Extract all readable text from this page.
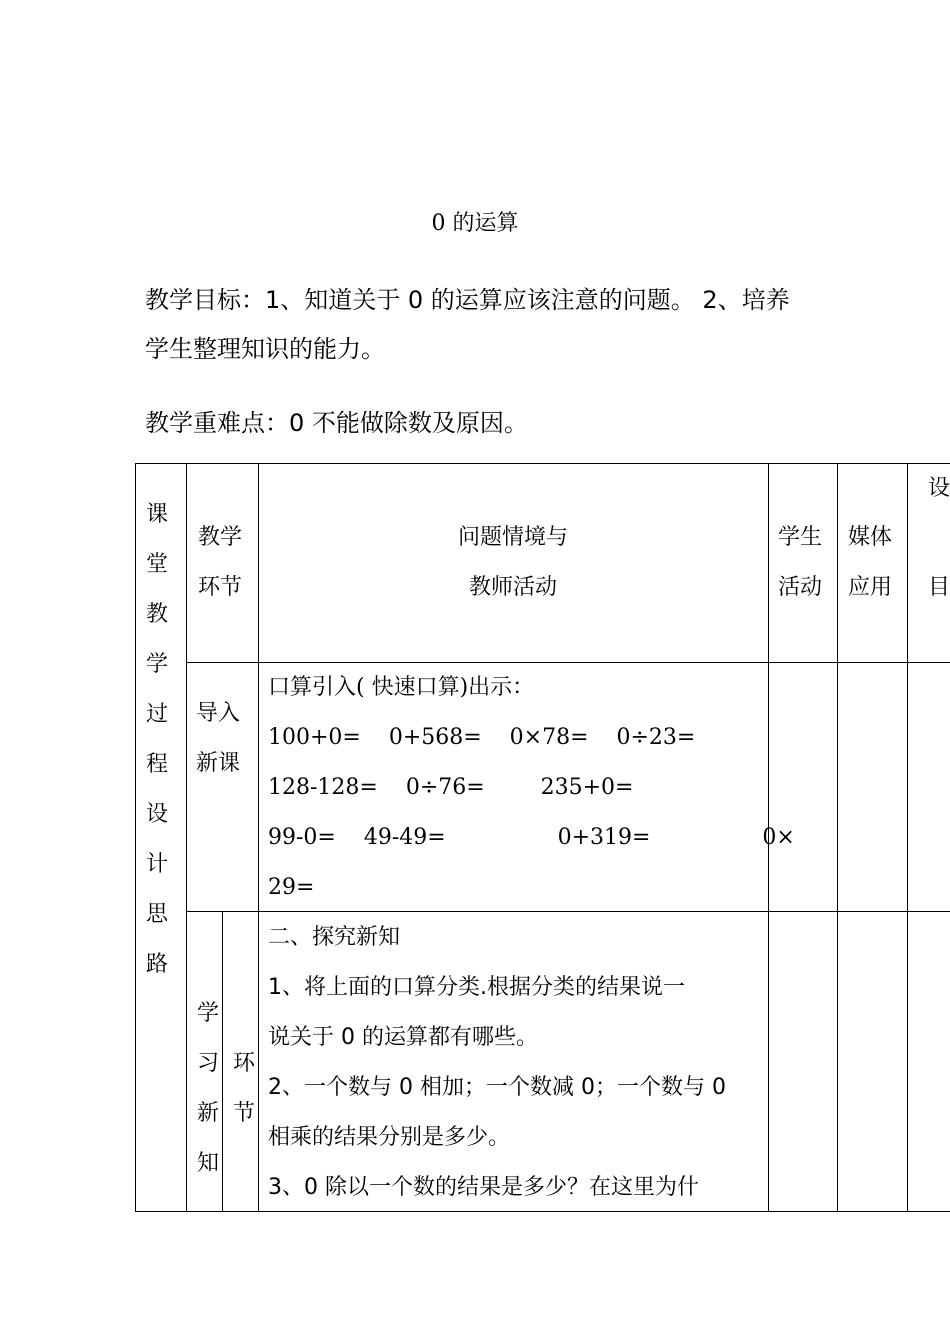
0 的运算
教学目标：1、知道关于 0 的运算应该注意的问题。 2、培养
学生整理知识的能力。
教学重难点：0 不能做除数及原因。
课堂教学过程设计思路
教学
环节
问题情境与
教师活动
学生
活动
媒体
应用
设
目
导入
新课
口算引入( 快速口算)出示：
100+0=    0+568=    0×78=    0÷23=
128-128=    0÷76=        235+0=
99-0=    49-49=                0+319=                0×
29=
学习新知
环节
二、探究新知
1、将上面的口算分类.根据分类的结果说一
说关于 0 的运算都有哪些。
2、一个数与 0 相加；一个数减 0；一个数与 0
相乘的结果分别是多少。
3、0 除以一个数的结果是多少？在这里为什
